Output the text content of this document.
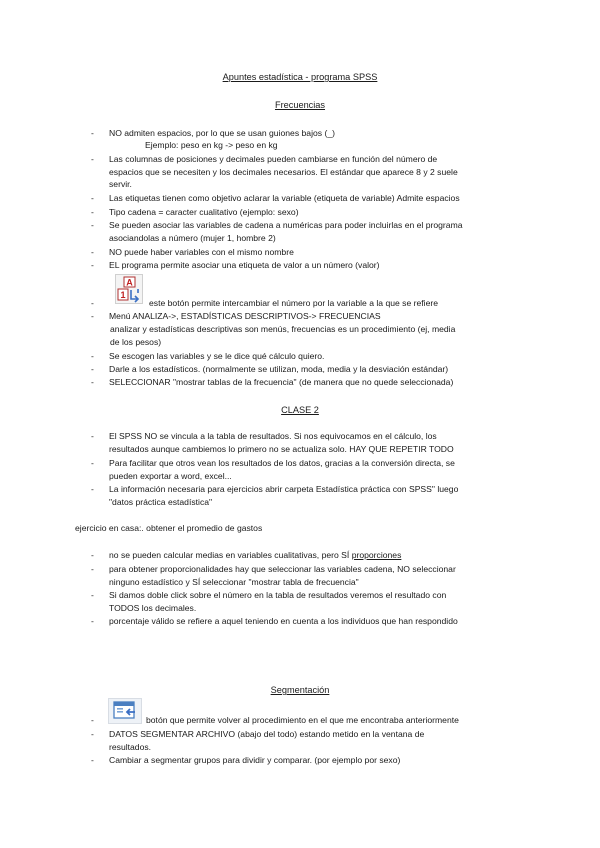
Apuntes estadística - programa SPSS
Frecuencias
- NO admiten espacios, por lo que se usan guiones bajos (_)
Ejemplo: peso en kg -> peso en kg
- Las columnas de posiciones y decimales pueden cambiarse en función del número de
espacios que se necesiten y los decimales necesarios. El estándar que aparece 8 y 2 suele
servir.
- Las etiquetas tienen como objetivo aclarar la variable (etiqueta de variable) Admite espacios
- Tipo cadena = caracter cualitativo (ejemplo: sexo)
- Se pueden asociar las variables de cadena a numéricas para poder incluirlas en el programa
asociandolas a número (mujer 1, hombre 2)
- NO puede haber variables con el mismo nombre
- EL programa permite asociar una etiqueta de valor a un número (valor)
A
1
-	este botón permite intercambiar el número por la variable a la que se refiere
- Menú ANALIZA->, ESTADÍSTICAS DESCRIPTIVOS-> FRECUENCIAS
analizar y estadísticas descriptivas son menús, frecuencias es un procedimiento (ej, media
de los pesos)
- Se escogen las variables y se le dice qué cálculo quiero.
- Darle a los estadísticos. (normalmente se utilizan, moda, media y la desviación estándar)
- SELECCIONAR "mostrar tablas de la frecuencia" (de manera que no quede seleccionada)
CLASE 2
- El SPSS NO se vincula a la tabla de resultados. Si nos equivocamos en el cálculo, los
resultados aunque cambiemos lo primero no se actualiza solo. HAY QUE REPETIR TODO
- Para facilitar que otros vean los resultados de los datos, gracias a la conversión directa, se
pueden exportar a word, excel...
- La información necesaria para ejercicios abrir carpeta Estadística práctica con SPSS" luego
"datos práctica estadística"
ejercicio en casa:. obtener el promedio de gastos
- no se pueden calcular medias en variables cualitativas, pero SÍ proporciones
- para obtener proporcionalidades hay que seleccionar las variables cadena, NO seleccionar
ninguno estadístico y SÍ seleccionar "mostrar tabla de frecuencia"
- Si damos doble click sobre el número en la tabla de resultados veremos el resultado con
TODOS los decimales.
- porcentaje válido se refiere a aquel teniendo en cuenta a los individuos que han respondido
Segmentación
-	botón que permite volver al procedimiento en el que me encontraba anteriormente
- DATOS SEGMENTAR ARCHIVO (abajo del todo) estando metido en la ventana de
resultados.
- Cambiar a segmentar grupos para dividir y comparar. (por ejemplo por sexo)
